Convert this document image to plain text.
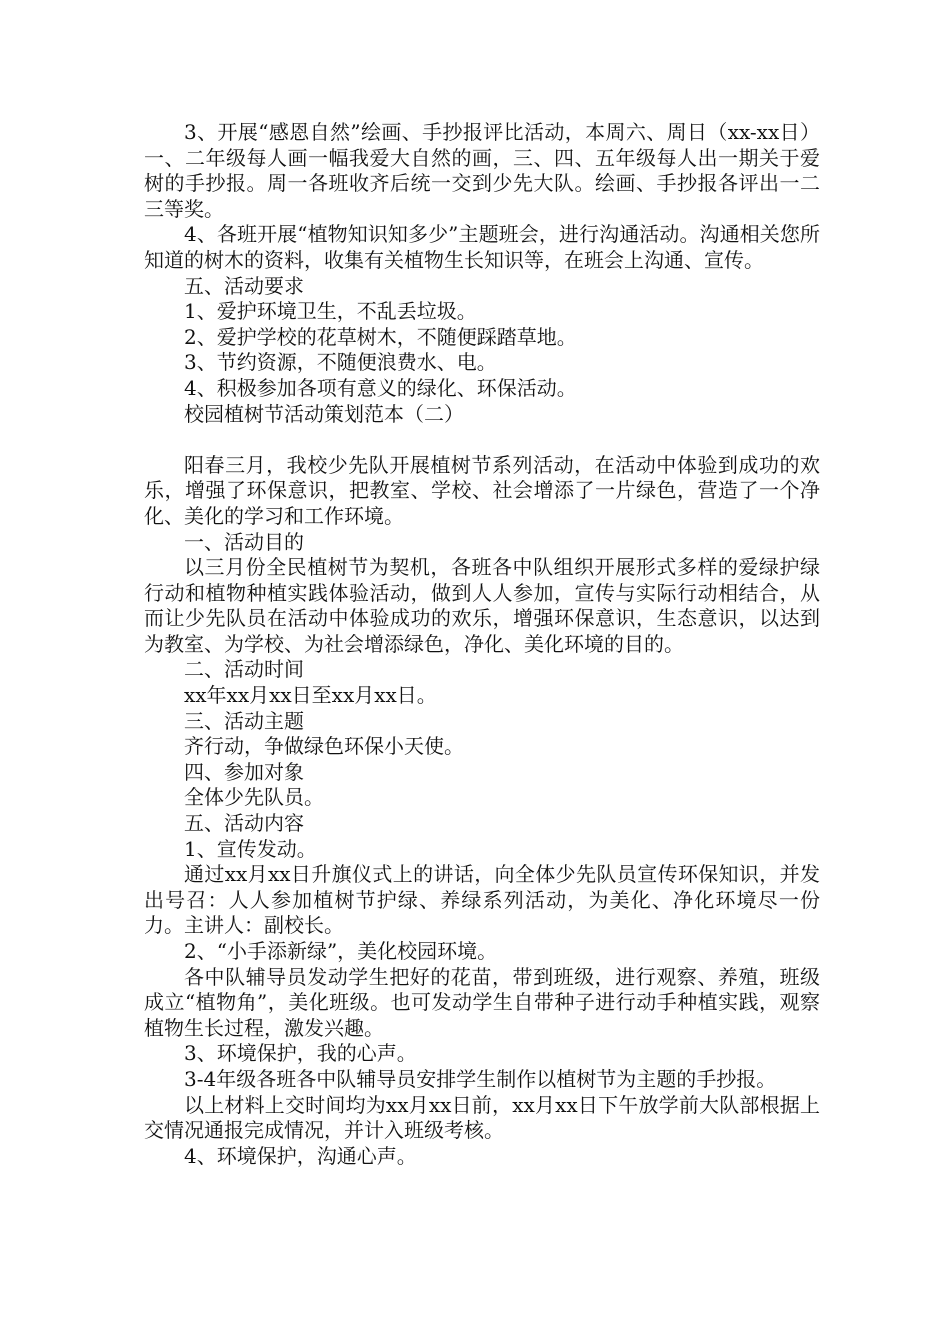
3、开展“感恩自然”绘画、手抄报评比活动，本周六、周日（xx-xx日）一、二年级每人画一幅我爱大自然的画，三、四、五年级每人出一期关于爱树的手抄报。周一各班收齐后统一交到少先大队。绘画、手抄报各评出一二三等奖。

4、各班开展“植物知识知多少”主题班会，进行沟通活动。沟通相关您所知道的树木的资料，收集有关植物生长知识等，在班会上沟通、宣传。

五、活动要求

1、爱护环境卫生，不乱丢垃圾。

2、爱护学校的花草树木，不随便踩踏草地。

3、节约资源，不随便浪费水、电。

4、积极参加各项有意义的绿化、环保活动。

校园植树节活动策划范本（二）

阳春三月，我校少先队开展植树节系列活动，在活动中体验到成功的欢乐，增强了环保意识，把教室、学校、社会增添了一片绿色，营造了一个净化、美化的学习和工作环境。

一、活动目的

以三月份全民植树节为契机，各班各中队组织开展形式多样的爱绿护绿行动和植物种植实践体验活动，做到人人参加，宣传与实际行动相结合，从而让少先队员在活动中体验成功的欢乐，增强环保意识，生态意识，以达到为教室、为学校、为社会增添绿色，净化、美化环境的目的。

二、活动时间

xx年xx月xx日至xx月xx日。

三、活动主题

齐行动，争做绿色环保小天使。

四、参加对象

全体少先队员。

五、活动内容

1、宣传发动。

通过xx月xx日升旗仪式上的讲话，向全体少先队员宣传环保知识，并发出号召：人人参加植树节护绿、养绿系列活动，为美化、净化环境尽一份力。主讲人：副校长。

2、“小手添新绿”，美化校园环境。

各中队辅导员发动学生把好的花苗，带到班级，进行观察、养殖，班级成立“植物角”，美化班级。也可发动学生自带种子进行动手种植实践，观察植物生长过程，激发兴趣。

3、环境保护，我的心声。

3-4年级各班各中队辅导员安排学生制作以植树节为主题的手抄报。

以上材料上交时间均为xx月xx日前，xx月xx日下午放学前大队部根据上交情况通报完成情况，并计入班级考核。

4、环境保护，沟通心声。
